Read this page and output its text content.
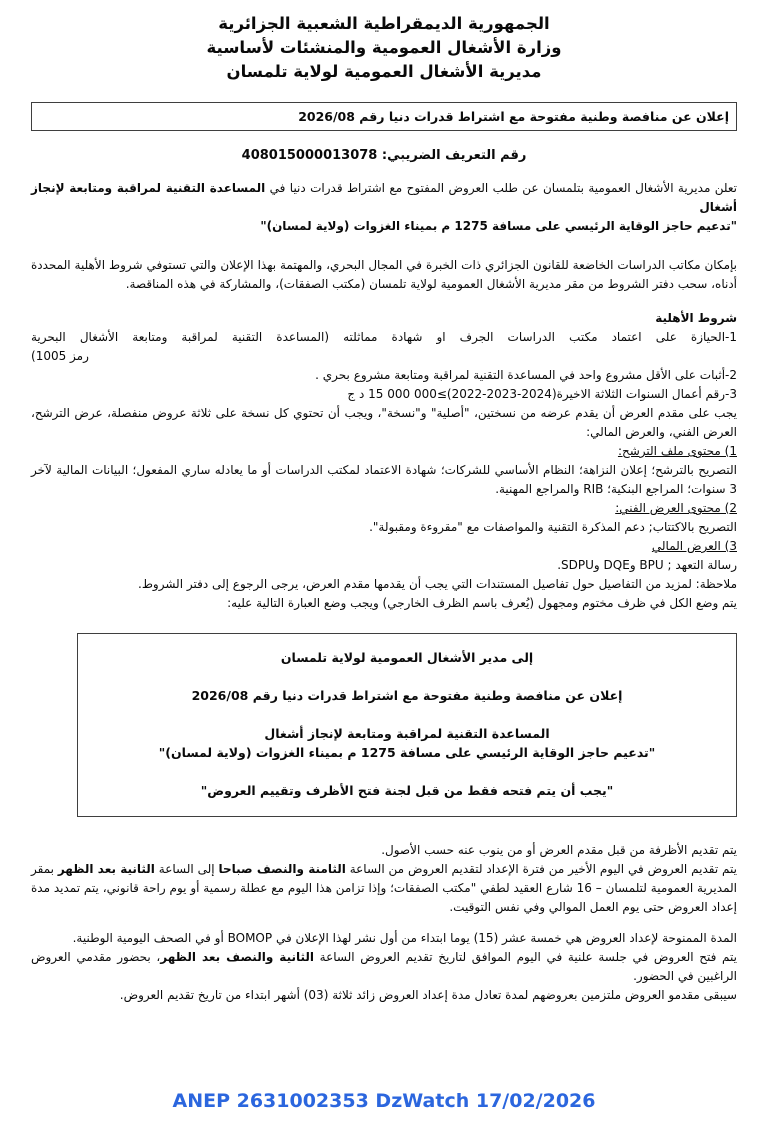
الجمهورية الديمقراطية الشعبية الجزائرية
وزارة الأشغال العمومية والمنشئات لأساسية
مديرية الأشغال العمومية لولاية تلمسان
إعلان عن منافصة وطنية مفتوحة مع اشتراط قدرات دنيا رقم 2026/08
رقم التعريف الضريبي: 408015000013078
تعلن مديرية الأشغال العمومية بتلمسان عن طلب العروض المفتوح مع اشتراط قدرات دنيا في المساعدة التقنية لمراقبة ومتابعة لإنجاز أشغال
"تدعيم حاجز الوقاية الرئيسي على مسافة 1275 م بميناء الغزوات (ولاية لمسان)"
بإمكان مكاتب الدراسات الخاضعة للقانون الجزائري ذات الخبرة في المجال البحري، والمهتمة بهذا الإعلان والتي تستوفي شروط الأهلية المحددة أدناه، سحب دفتر الشروط من مقر مديرية الأشغال العمومية لولاية تلمسان (مكتب الصفقات)، والمشاركة في هذه المناقصة.
شروط الأهلية
1-الحيازة على اعتماد مكتب الدراسات الجرف او شهادة مماثلته (المساعدة التقنية لمراقبة ومتابعة الأشغال البحرية
رمز 1005)
2-أثبات على الأقل مشروع واحد في المساعدة التقنية لمراقبة ومتابعة مشروع بحري .
3-رقم أعمال السنوات الثلاثة الاخيرة(2024-2023-2022)≥15 000 000 د ج
يجب على مقدم العرض أن يقدم عرضه من نسختين، "أصلية" و"نسخة"، ويجب أن تحتوي كل نسخة على ثلاثة عروض منفصلة، عرض الترشح، العرض الفني، والعرض المالي:
1) محتوى ملف الترشح:
التصريح بالترشح؛ إعلان النزاهة؛ النظام الأساسي للشركات؛ شهادة الاعتماد لمكتب الدراسات أو ما يعادله ساري المفعول؛ البيانات المالية لآخر 3 سنوات؛ المراجع البنكية؛ RIB والمراجع المهنية.
2) محتوى العرض الفني:
التصريح بالاكتتاب; دعم المذكرة التقنية والمواصفات مع "مقروءة ومقبولة".
3) العرض المالي
رسالة التعهد ; BPU وDQE وSDPU.
ملاحظة: لمزيد من التفاصيل حول تفاصيل المستندات التي يجب أن يقدمها مقدم العرض، يرجى الرجوع إلى دفتر الشروط.
يتم وضع الكل في ظرف مختوم ومجهول (يُعرف باسم الظرف الخارجي) ويجب وضع العبارة التالية عليه:
إلى مدير الأشغال العمومية لولاية تلمسان
إعلان عن منافصة وطنية مفتوحة مع اشتراط قدرات دنيا رقم 2026/08
المساعدة التقنية لمراقبة ومتابعة لإنجاز أشغال
"تدعيم حاجز الوقاية الرئيسي على مسافة 1275 م بميناء الغزوات (ولاية لمسان)"
"يجب أن يتم فتحه فقط من قبل لجنة فتح الأظرف وتقييم العروض"
يتم تقديم الأظرفة من قبل مقدم العرض أو من ينوب عنه حسب الأصول.
يتم تقديم العروض في اليوم الأخير من فترة الإعداد لتقديم العروض من الساعة الثامنة والنصف صباحا إلى الساعة الثانية بعد الظهر بمقر المديرية العمومية لتلمسان – 16 شارع العقيد لطفي "مكتب الصفقات؛ وإذا تزامن هذا اليوم مع عطلة رسمية أو يوم راحة قانوني، يتم تمديد مدة إعداد العروض حتى يوم العمل الموالي وفي نفس التوقيت.
المدة الممنوحة لإعداد العروض هي خمسة عشر (15) يوما ابتداء من أول نشر لهذا الإعلان في BOMOP أو في الصحف اليومية الوطنية.
يتم فتح العروض في جلسة علنية في اليوم الموافق لتاريخ تقديم العروض الساعة الثانية والنصف بعد الظهر، بحضور مقدمي العروض الراغبين في الحضور.
سيبقى مقدمو العروض ملتزمين بعروضهم لمدة تعادل مدة إعداد العروض زائد ثلاثة (03) أشهر ابتداء من تاريخ تقديم العروض.
ANEP 2631002353 DzWatch 17/02/2026
